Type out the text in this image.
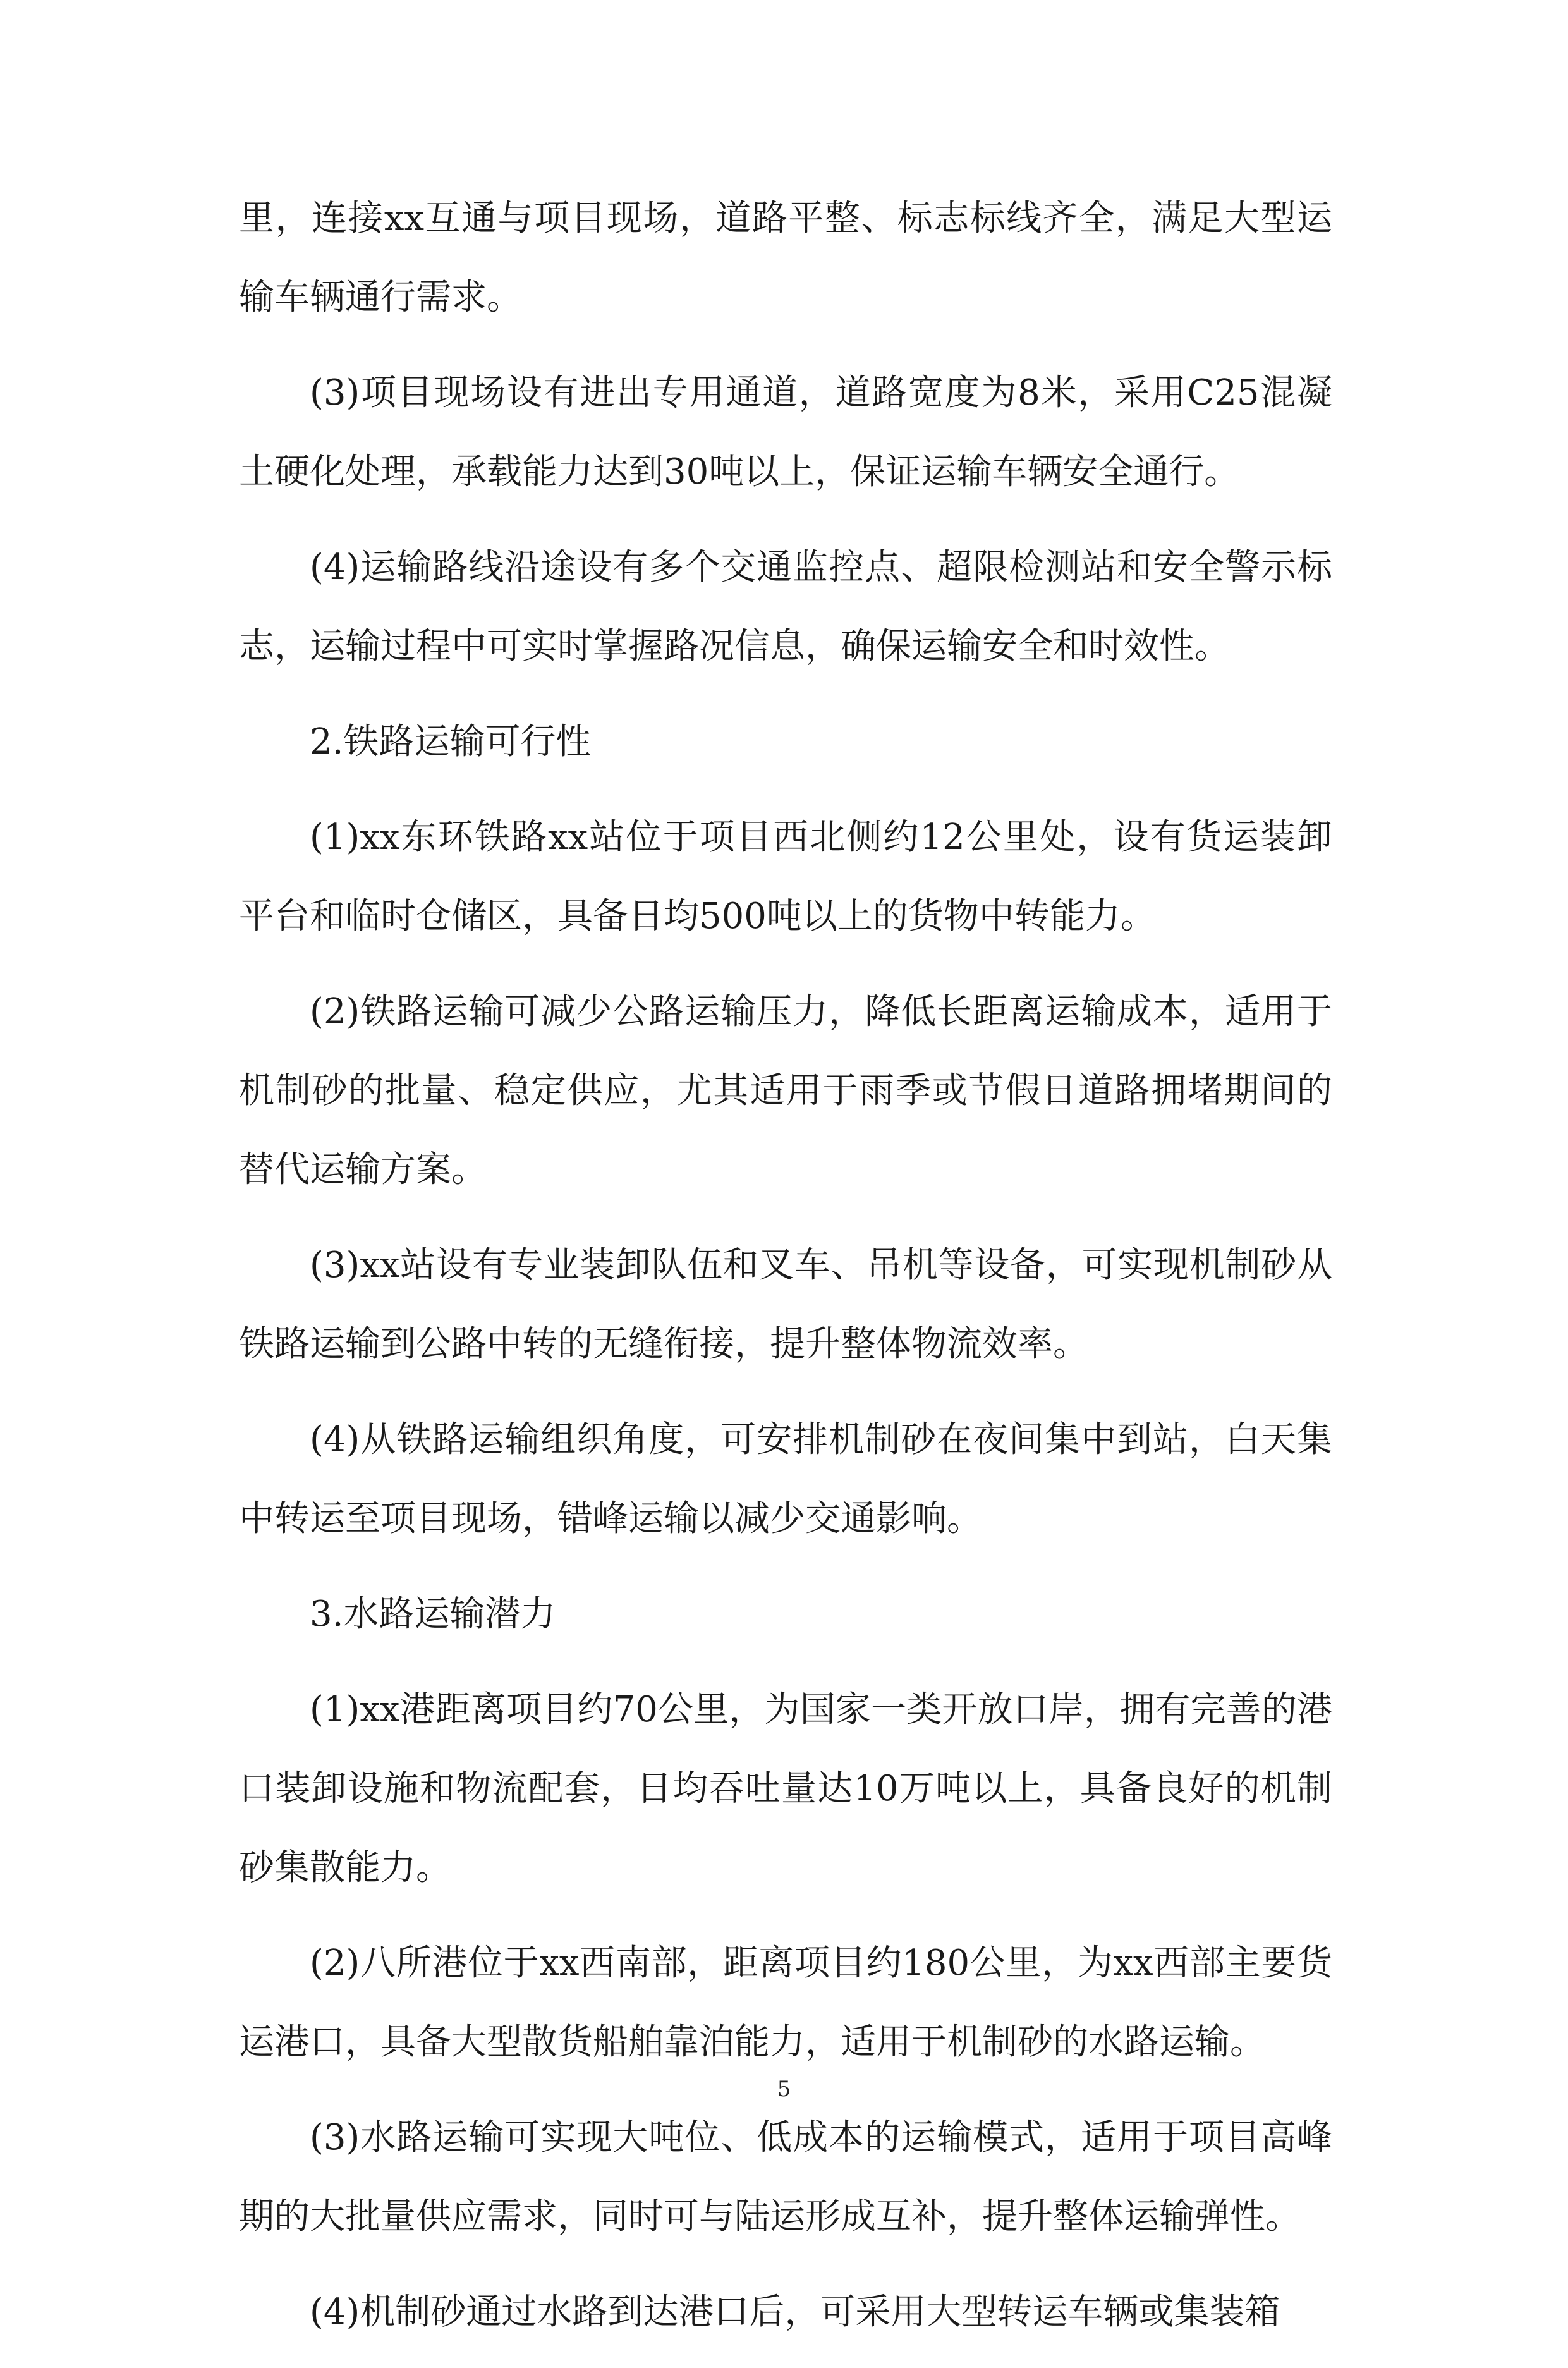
里，连接xx互通与项目现场，道路平整、标志标线齐全，满足大型运输车辆通行需求。

(3)项目现场设有进出专用通道，道路宽度为8米，采用C25混凝土硬化处理，承载能力达到30吨以上，保证运输车辆安全通行。

(4)运输路线沿途设有多个交通监控点、超限检测站和安全警示标志，运输过程中可实时掌握路况信息，确保运输安全和时效性。

2.铁路运输可行性

(1)xx东环铁路xx站位于项目西北侧约12公里处，设有货运装卸平台和临时仓储区，具备日均500吨以上的货物中转能力。

(2)铁路运输可减少公路运输压力，降低长距离运输成本，适用于机制砂的批量、稳定供应，尤其适用于雨季或节假日道路拥堵期间的替代运输方案。

(3)xx站设有专业装卸队伍和叉车、吊机等设备，可实现机制砂从铁路运输到公路中转的无缝衔接，提升整体物流效率。

(4)从铁路运输组织角度，可安排机制砂在夜间集中到站，白天集中转运至项目现场，错峰运输以减少交通影响。

3.水路运输潜力

(1)xx港距离项目约70公里，为国家一类开放口岸，拥有完善的港口装卸设施和物流配套，日均吞吐量达10万吨以上，具备良好的机制砂集散能力。

(2)八所港位于xx西南部，距离项目约180公里，为xx西部主要货运港口，具备大型散货船舶靠泊能力，适用于机制砂的水路运输。

(3)水路运输可实现大吨位、低成本的运输模式，适用于项目高峰期的大批量供应需求，同时可与陆运形成互补，提升整体运输弹性。

(4)机制砂通过水路到达港口后，可采用大型转运车辆或集装箱

5
